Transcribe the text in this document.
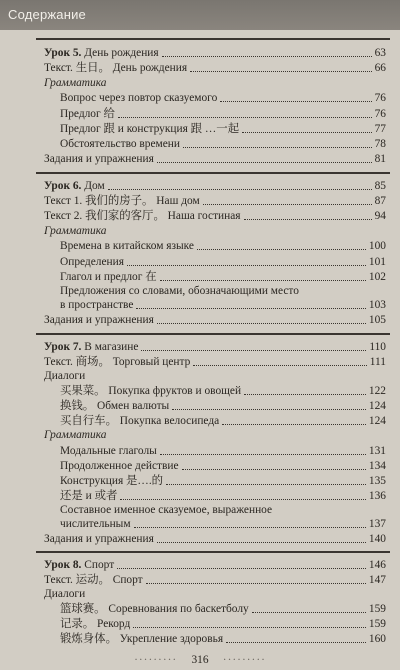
Содержание
Урок 5. День рождения	63
Текст. 生日。 День рождения	66
Грамматика
Вопрос через повтор сказуемого	76
Предлог 给	76
Предлог 跟 и конструкция 跟 …一起	77
Обстоятельство времени	78
Задания и упражнения	81
Урок 6. Дом	85
Текст 1. 我们的房子。 Наш дом	87
Текст 2. 我们家的客厅。 Наша гостиная	94
Грамматика
Времена в китайском языке	100
Определения	101
Глагол и предлог 在	102
Предложения со словами, обозначающими место
в пространстве	103
Задания и упражнения	105
Урок 7. В магазине	110
Текст. 商场。 Торговый центр	111
Диалоги
买果菜。 Покупка фруктов и овощей	122
换钱。 Обмен валюты	124
买自行车。 Покупка велосипеда	124
Грамматика
Модальные глаголы	131
Продолженное действие	134
Конструкция 是….的	135
还是 и 或者	136
Составное именное сказуемое, выраженное
числительным	137
Задания и упражнения	140
Урок 8. Спорт	146
Текст. 运动。 Спорт	147
Диалоги
篮球赛。 Соревнования по баскетболу	159
记录。 Рекорд	159
锻炼身体。 Укрепление здоровья	160
········· 316 ·········
